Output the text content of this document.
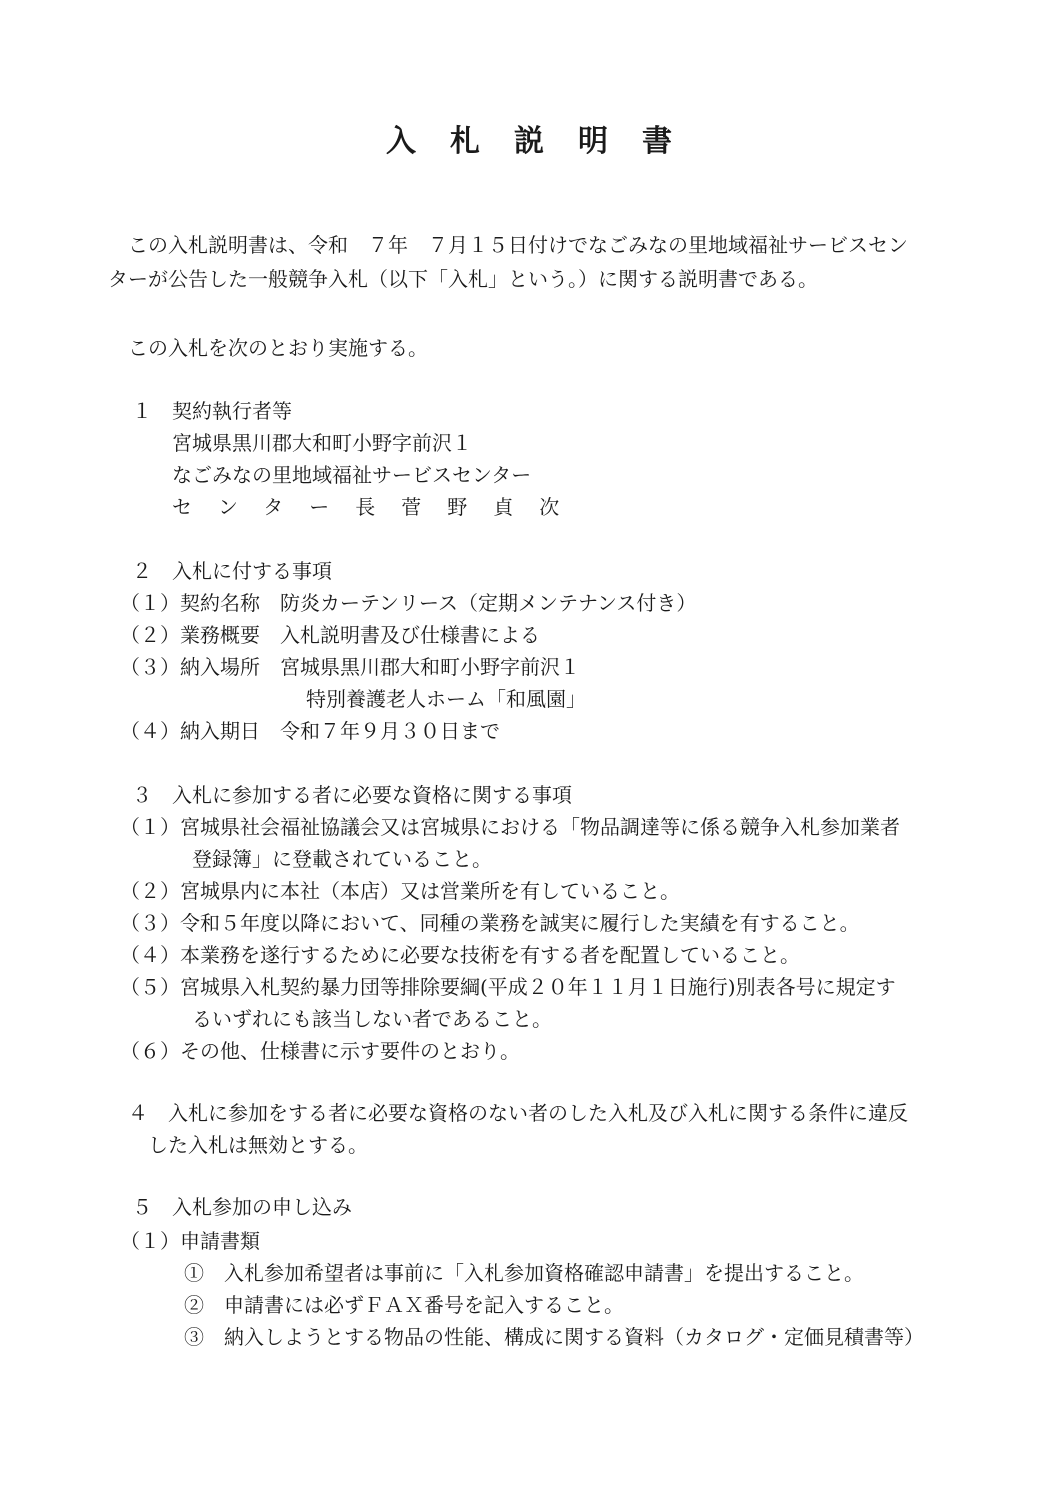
入札説明書
この入札説明書は、令和　７年　７月１５日付けでなごみなの里地域福祉サービスセン
ターが公告した一般競争入札（以下「入札」という。）に関する説明書である。
この入札を次のとおり実施する。
１　契約執行者等
宮城県黒川郡大和町小野字前沢１
なごみなの里地域福祉サービスセンター
センター長菅野貞次
２　入札に付する事項
（１）契約名称　防炎カーテンリース（定期メンテナンス付き）
（２）業務概要　入札説明書及び仕様書による
（３）納入場所　宮城県黒川郡大和町小野字前沢１
特別養護老人ホーム「和風園」
（４）納入期日　令和７年９月３０日まで
３　入札に参加する者に必要な資格に関する事項
（１）宮城県社会福祉協議会又は宮城県における「物品調達等に係る競争入札参加業者
登録簿」に登載されていること。
（２）宮城県内に本社（本店）又は営業所を有していること。
（３）令和５年度以降において、同種の業務を誠実に履行した実績を有すること。
（４）本業務を遂行するために必要な技術を有する者を配置していること。
（５）宮城県入札契約暴力団等排除要綱(平成２０年１１月１日施行)別表各号に規定す
るいずれにも該当しない者であること。
（６）その他、仕様書に示す要件のとおり。
４　入札に参加をする者に必要な資格のない者のした入札及び入札に関する条件に違反
した入札は無効とする。
５　入札参加の申し込み
（１）申請書類
①　入札参加希望者は事前に「入札参加資格確認申請書」を提出すること。
②　申請書には必ずＦＡＸ番号を記入すること。
③　納入しようとする物品の性能、構成に関する資料（カタログ・定価見積書等）
